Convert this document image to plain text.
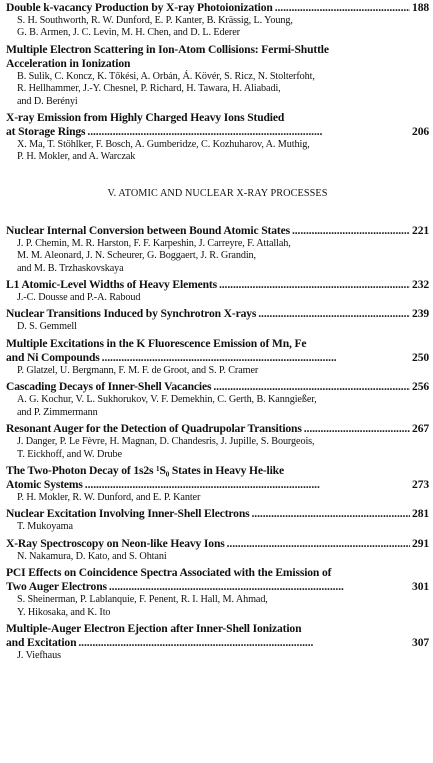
Double k-vacancy Production by X-ray Photoionization . . .	188
S. H. Southworth, R. W. Dunford, E. P. Kanter, B. Krässig, L. Young,
G. B. Armen, J. C. Levin, M. H. Chen, and D. L. Ederer
Multiple Electron Scattering in Ion-Atom Collisions: Fermi-Shuttle
Acceleration in Ionization
B. Sulik, C. Koncz, K. Tőkési, A. Orbán, Á. Kövér, S. Ricz, N. Stolterfoht,
R. Hellhammer, J.-Y. Chesnel, P. Richard, H. Tawara, H. Aliabadi,
and D. Berényi
X-ray Emission from Highly Charged Heavy Ions Studied
at Storage Rings . . .	206
X. Ma, T. Stöhlker, F. Bosch, A. Gumberidze, C. Kozhuharov, A. Muthig,
P. H. Mokler, and A. Warczak
V. ATOMIC AND NUCLEAR X-RAY PROCESSES
Nuclear Internal Conversion between Bound Atomic States . . .	221
J. P. Chemin, M. R. Harston, F. F. Karpeshin, J. Carreyre, F. Attallah,
M. M. Aleonard, J. N. Scheurer, G. Boggaert, J. R. Grandin,
and M. B. Trzhaskovskaya
L1 Atomic-Level Widths of Heavy Elements . . .	232
J.-C. Dousse and P.-A. Raboud
Nuclear Transitions Induced by Synchrotron X-rays . . .	239
D. S. Gemmell
Multiple Excitations in the K Fluorescence Emission of Mn, Fe
and Ni Compounds . . .	250
P. Glatzel, U. Bergmann, F. M. F. de Groot, and S. P. Cramer
Cascading Decays of Inner-Shell Vacancies . . .	256
A. G. Kochur, V. L. Sukhorukov, V. F. Demekhin, C. Gerth, B. Kanngießer,
and P. Zimmermann
Resonant Auger for the Detection of Quadrupolar Transitions . . .	267
J. Danger, P. Le Fèvre, H. Magnan, D. Chandesris, J. Jupille, S. Bourgeois,
T. Eickhoff, and W. Drube
The Two-Photon Decay of 1s2s ¹S₀ States in Heavy He-like
Atomic Systems . . .	273
P. H. Mokler, R. W. Dunford, and E. P. Kanter
Nuclear Excitation Involving Inner-Shell Electrons . . .	281
T. Mukoyama
X-Ray Spectroscopy on Neon-like Heavy Ions . . .	291
N. Nakamura, D. Kato, and S. Ohtani
PCI Effects on Coincidence Spectra Associated with the Emission of
Two Auger Electrons . . .	301
S. Sheinerman, P. Lablanquie, F. Penent, R. I. Hall, M. Ahmad,
Y. Hikosaka, and K. Ito
Multiple-Auger Electron Ejection after Inner-Shell Ionization
and Excitation . . .	307
J. Viefhaus
